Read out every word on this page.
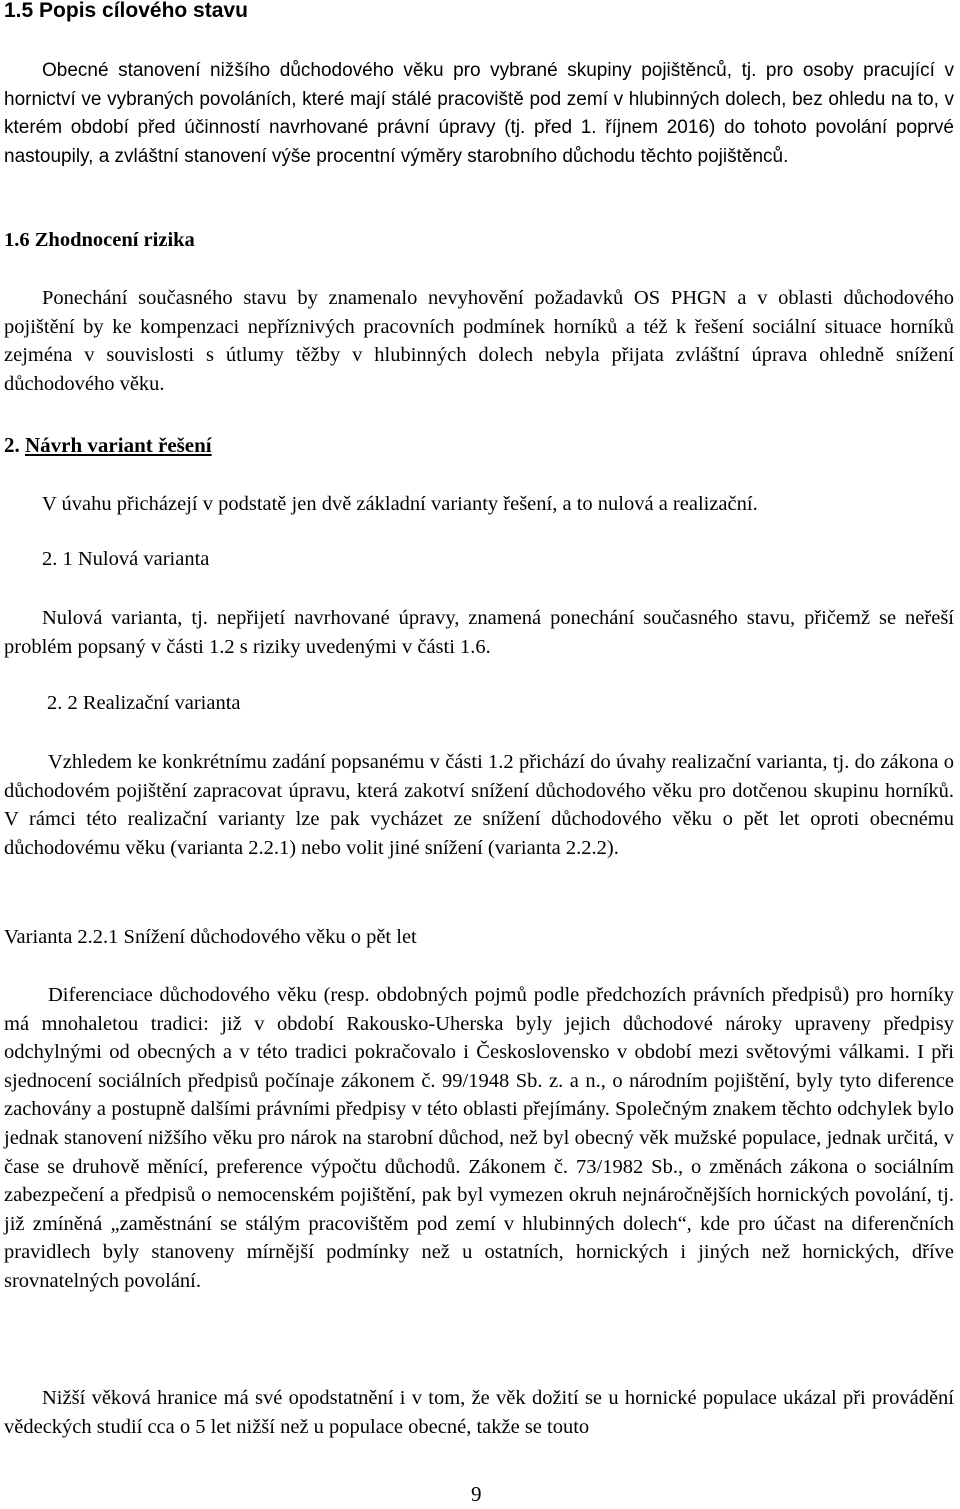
1.5 Popis cílového stavu

Obecné stanovení nižšího důchodového věku pro vybrané skupiny pojištěnců, tj. pro osoby pracující v hornictví ve vybraných povoláních, které mají stálé pracoviště pod zemí v hlubinných dolech, bez ohledu na to, v kterém období před účinností navrhované právní úpravy (tj. před 1. říjnem 2016) do tohoto povolání poprvé nastoupily, a zvláštní stanovení výše procentní výměry starobního důchodu těchto pojištěnců.

1.6 Zhodnocení rizika

Ponechání současného stavu by znamenalo nevyhovění požadavků OS PHGN a v oblasti důchodového pojištění by ke kompenzaci nepříznivých pracovních podmínek horníků a též k řešení sociální situace horníků zejména v souvislosti s útlumy těžby v hlubinných dolech nebyla přijata zvláštní úprava ohledně snížení důchodového věku.

2. Návrh variant řešení

V úvahu přicházejí v podstatě jen dvě základní varianty řešení, a to nulová a realizační.

2. 1 Nulová varianta

Nulová varianta, tj. nepřijetí navrhované úpravy, znamená ponechání současného stavu, přičemž se neřeší problém popsaný v části 1.2 s riziky uvedenými v části 1.6.

2. 2 Realizační varianta

Vzhledem ke konkrétnímu zadání popsanému v části 1.2 přichází do úvahy realizační varianta, tj. do zákona o důchodovém pojištění zapracovat úpravu, která zakotví snížení důchodového věku pro dotčenou skupinu horníků. V rámci této realizační varianty lze pak vycházet ze snížení důchodového věku o pět let oproti obecnému důchodovému věku (varianta 2.2.1) nebo volit jiné snížení (varianta 2.2.2).

Varianta 2.2.1 Snížení důchodového věku o pět let

Diferenciace důchodového věku (resp. obdobných pojmů podle předchozích právních předpisů) pro horníky má mnohaletou tradici: již v období Rakousko-Uherska byly jejich důchodové nároky upraveny předpisy odchylnými od obecných a v této tradici pokračovalo i Československo v období mezi světovými válkami. I při sjednocení sociálních předpisů počínaje zákonem č. 99/1948 Sb. z. a n., o národním pojištění, byly tyto diference zachovány a postupně dalšími právními předpisy v této oblasti přejímány. Společným znakem těchto odchylek bylo jednak stanovení nižšího věku pro nárok na starobní důchod, než byl obecný věk mužské populace, jednak určitá, v čase se druhově měnící, preference výpočtu důchodů. Zákonem č. 73/1982 Sb., o změnách zákona o sociálním zabezpečení a předpisů o nemocenském pojištění, pak byl vymezen okruh nejnáročnějších hornických povolání, tj. již zmíněná „zaměstnání se stálým pracovištěm pod zemí v hlubinných dolech“, kde pro účast na diferenčních pravidlech byly stanoveny mírnější podmínky než u ostatních, hornických i jiných než hornických, dříve srovnatelných povolání.

Nižší věková hranice má své opodstatnění i v tom, že věk dožití se u hornické populace ukázal při provádění vědeckých studií cca o 5 let nižší než u populace obecné, takže se touto

9
